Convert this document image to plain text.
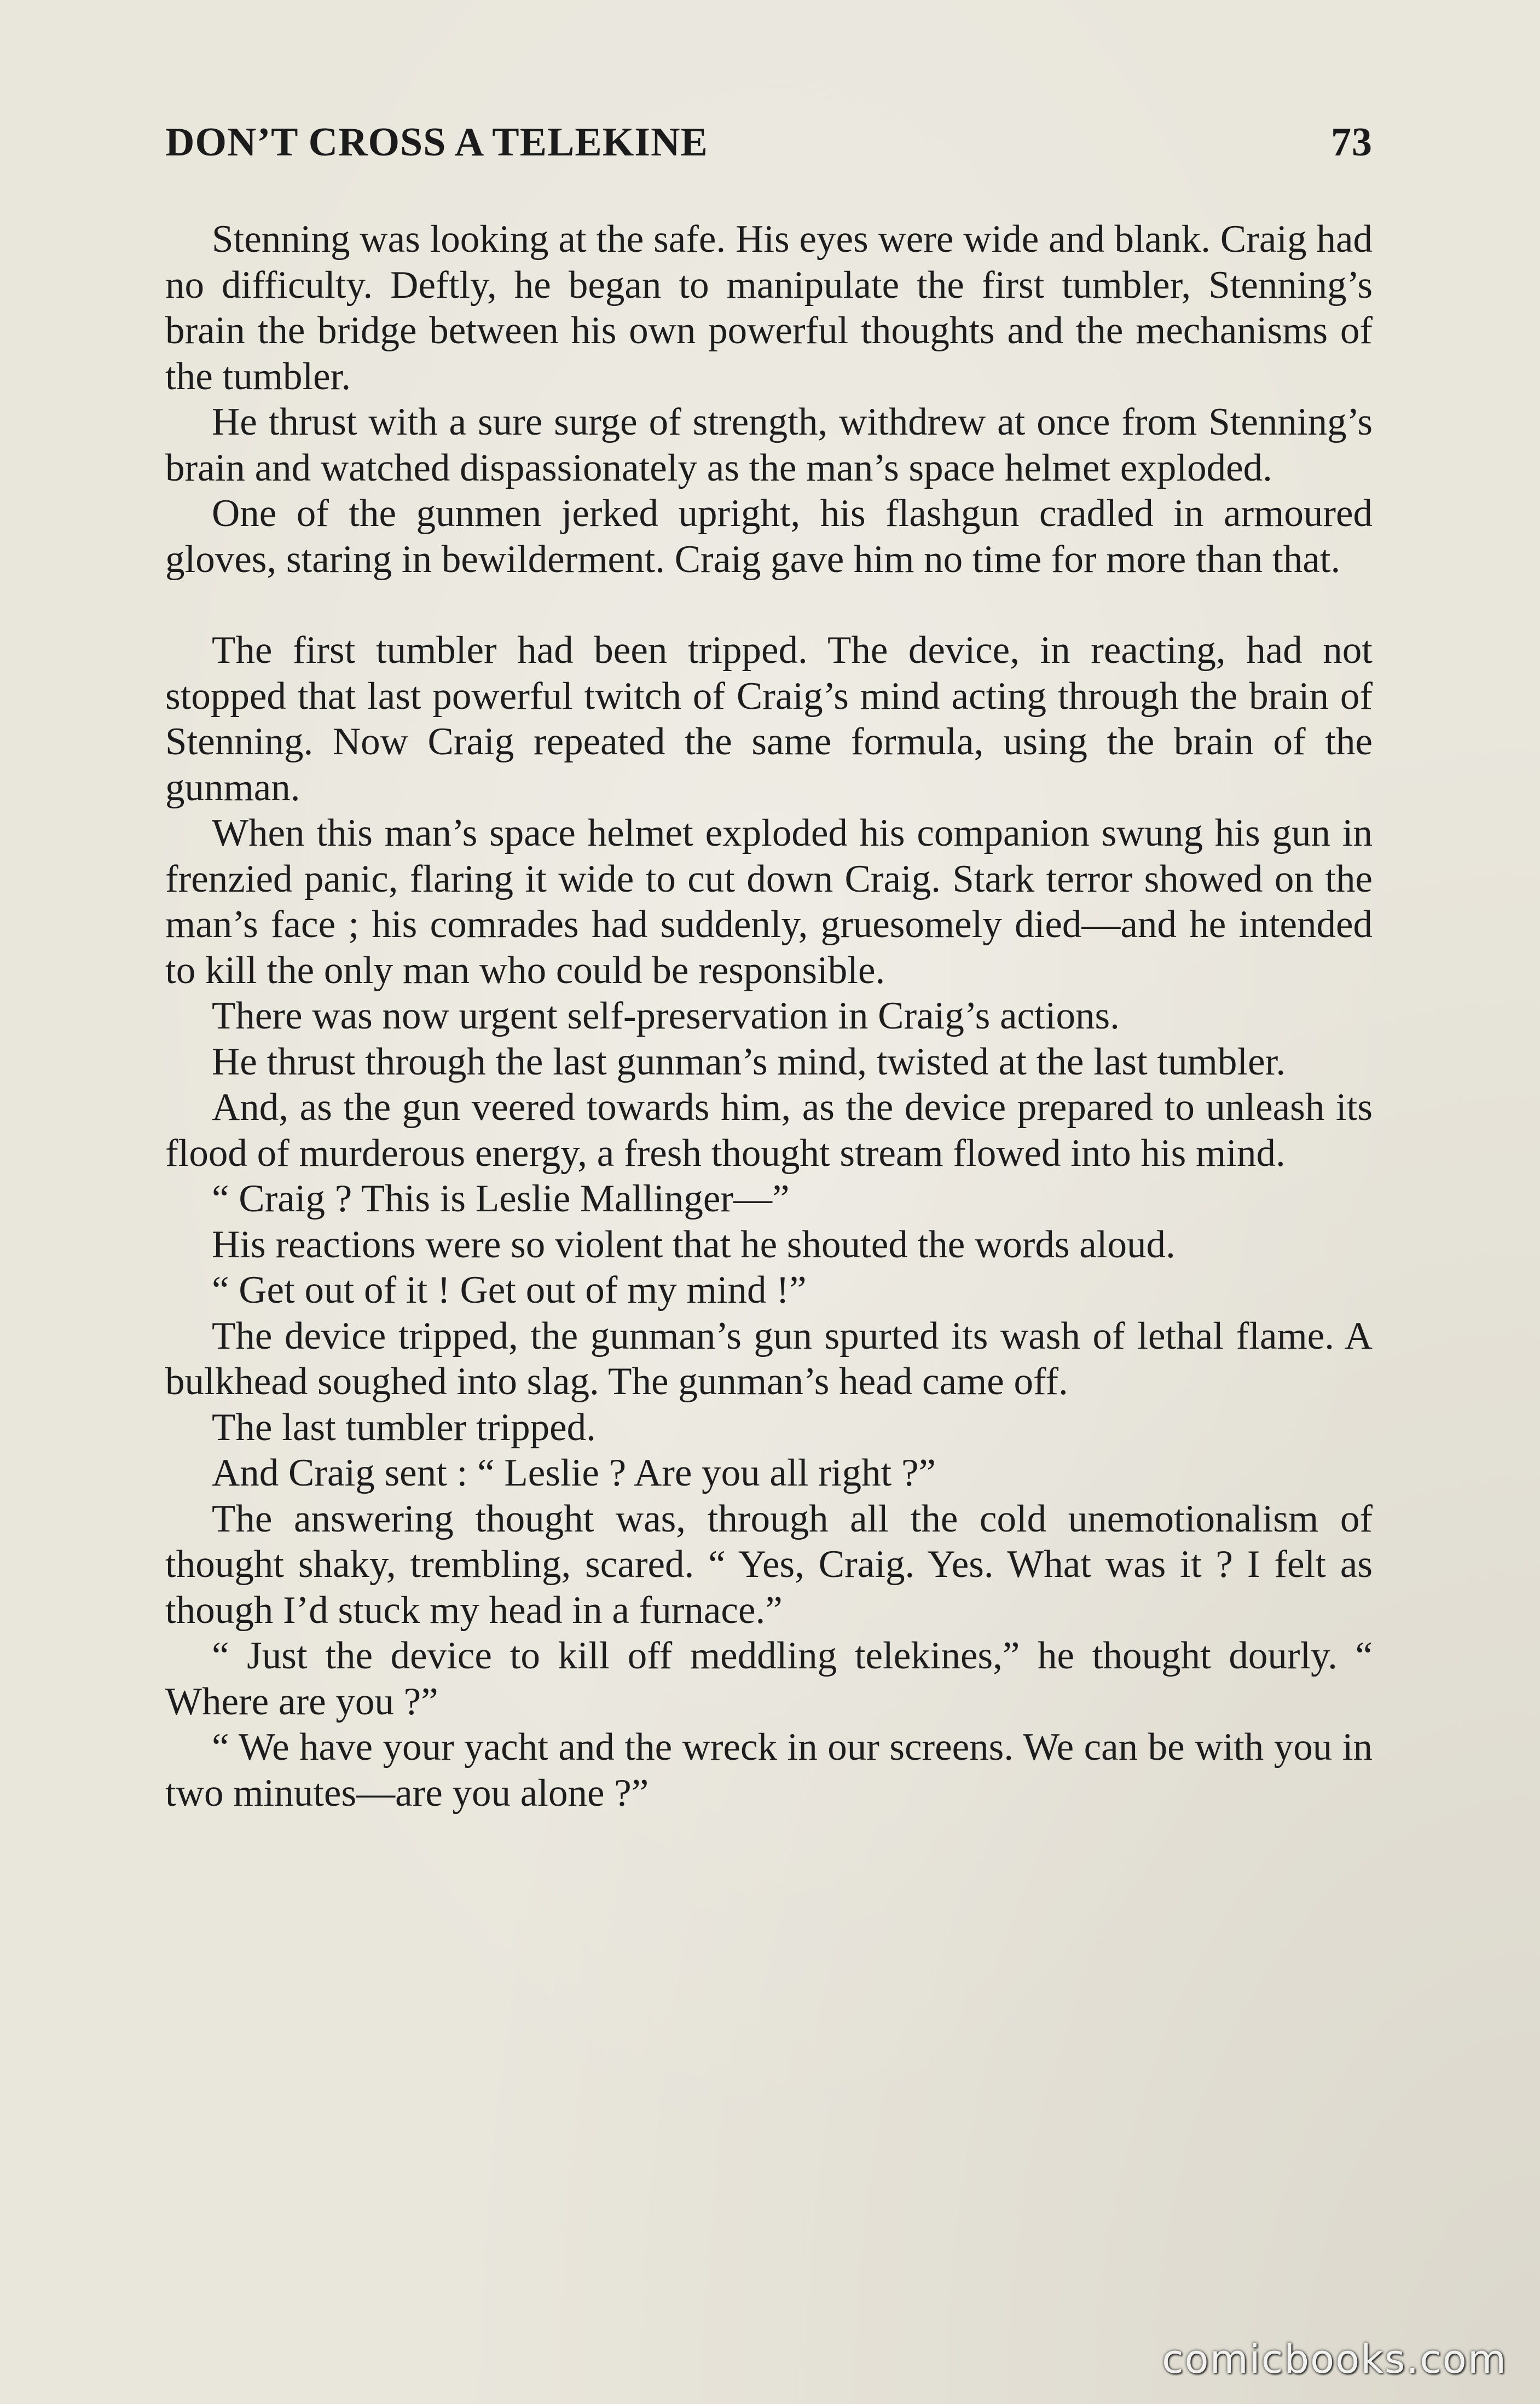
DON’T CROSS A TELEKINE	73

Stenning was looking at the safe. His eyes were wide and blank. Craig had no difficulty. Deftly, he began to manipulate the first tumbler, Stenning’s brain the bridge between his own powerful thoughts and the mechanisms of the tumbler.

He thrust with a sure surge of strength, withdrew at once from Stenning’s brain and watched dispassionately as the man’s space helmet exploded.

One of the gunmen jerked upright, his flashgun cradled in armoured gloves, staring in bewilderment. Craig gave him no time for more than that.

The first tumbler had been tripped. The device, in reacting, had not stopped that last powerful twitch of Craig’s mind acting through the brain of Stenning. Now Craig repeated the same formula, using the brain of the gunman.

When this man’s space helmet exploded his companion swung his gun in frenzied panic, flaring it wide to cut down Craig. Stark terror showed on the man’s face ; his comrades had suddenly, gruesomely died—and he intended to kill the only man who could be responsible.

There was now urgent self-preservation in Craig’s actions.

He thrust through the last gunman’s mind, twisted at the last tumbler.

And, as the gun veered towards him, as the device prepared to unleash its flood of murderous energy, a fresh thought stream flowed into his mind.

“ Craig ? This is Leslie Mallinger—”

His reactions were so violent that he shouted the words aloud.

“ Get out of it ! Get out of my mind !”

The device tripped, the gunman’s gun spurted its wash of lethal flame. A bulkhead soughed into slag. The gunman’s head came off.

The last tumbler tripped.

And Craig sent : “ Leslie ? Are you all right ?”

The answering thought was, through all the cold unemotionalism of thought shaky, trembling, scared. “ Yes, Craig. Yes. What was it ? I felt as though I’d stuck my head in a furnace.”

“ Just the device to kill off meddling telekines,” he thought dourly. “ Where are you ?”

“ We have your yacht and the wreck in our screens. We can be with you in two minutes—are you alone ?”

comicbooks.com
